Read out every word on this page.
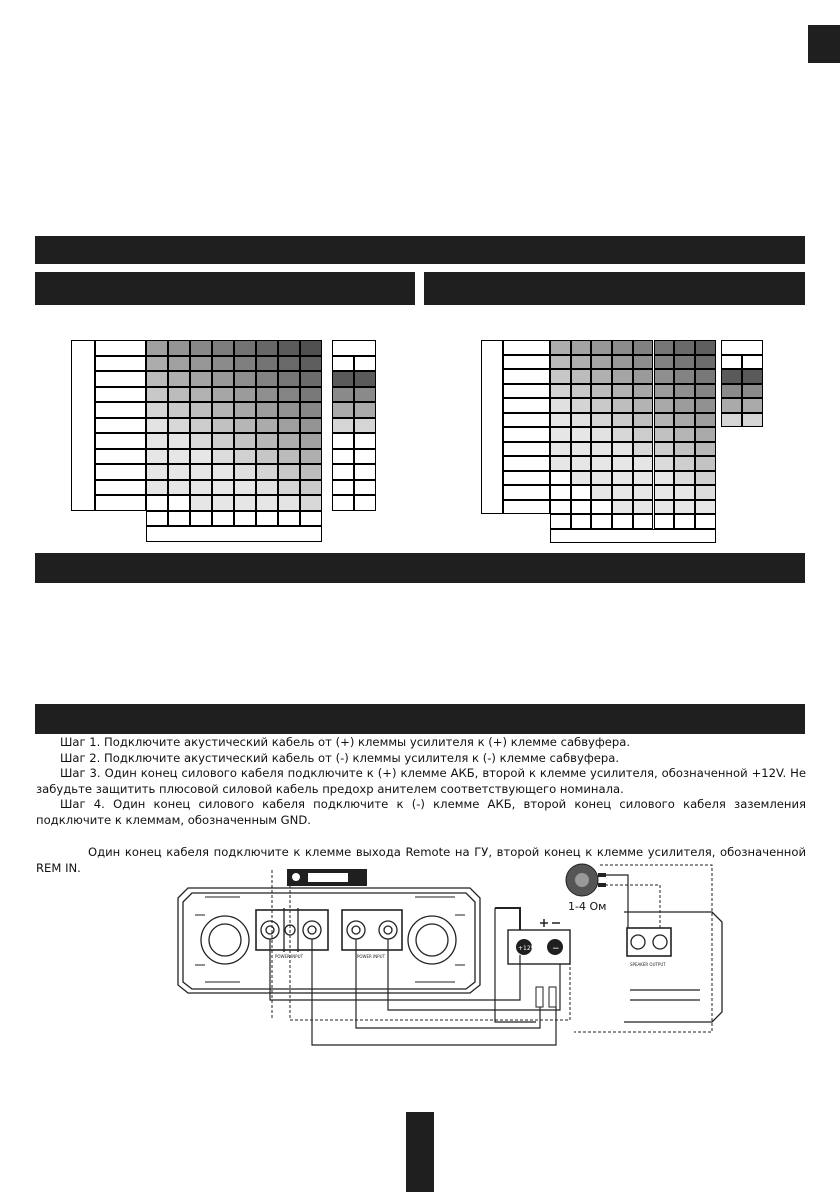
Шаг 1. Подключите акустический кабель от (+) клеммы усилителя к (+) клемме сабвуфера.

Шаг 2. Подключите акустический кабель от (-) клеммы усилителя к (-) клемме сабвуфера.

Шаг 3. Один конец силового кабеля подключите к (+) клемме АКБ, второй к клемме усилителя, обозначенной +12V. Не забудьте защитить плюсовой силовой кабель предохр анителем соответствующего номинала.

Шаг 4. Один конец силового кабеля подключите к (-) клемме АКБ, второй конец силового кабеля заземления подключите к клеммам, обозначенным GND.

Один конец кабеля подключите к клемме выхода Remote на ГУ, второй конец к клемме усилителя, обозначенной REM IN.
POWER INPUT	POWER INPUT
+12V −
SPEAKER OUTPUT
1-4 Ом
